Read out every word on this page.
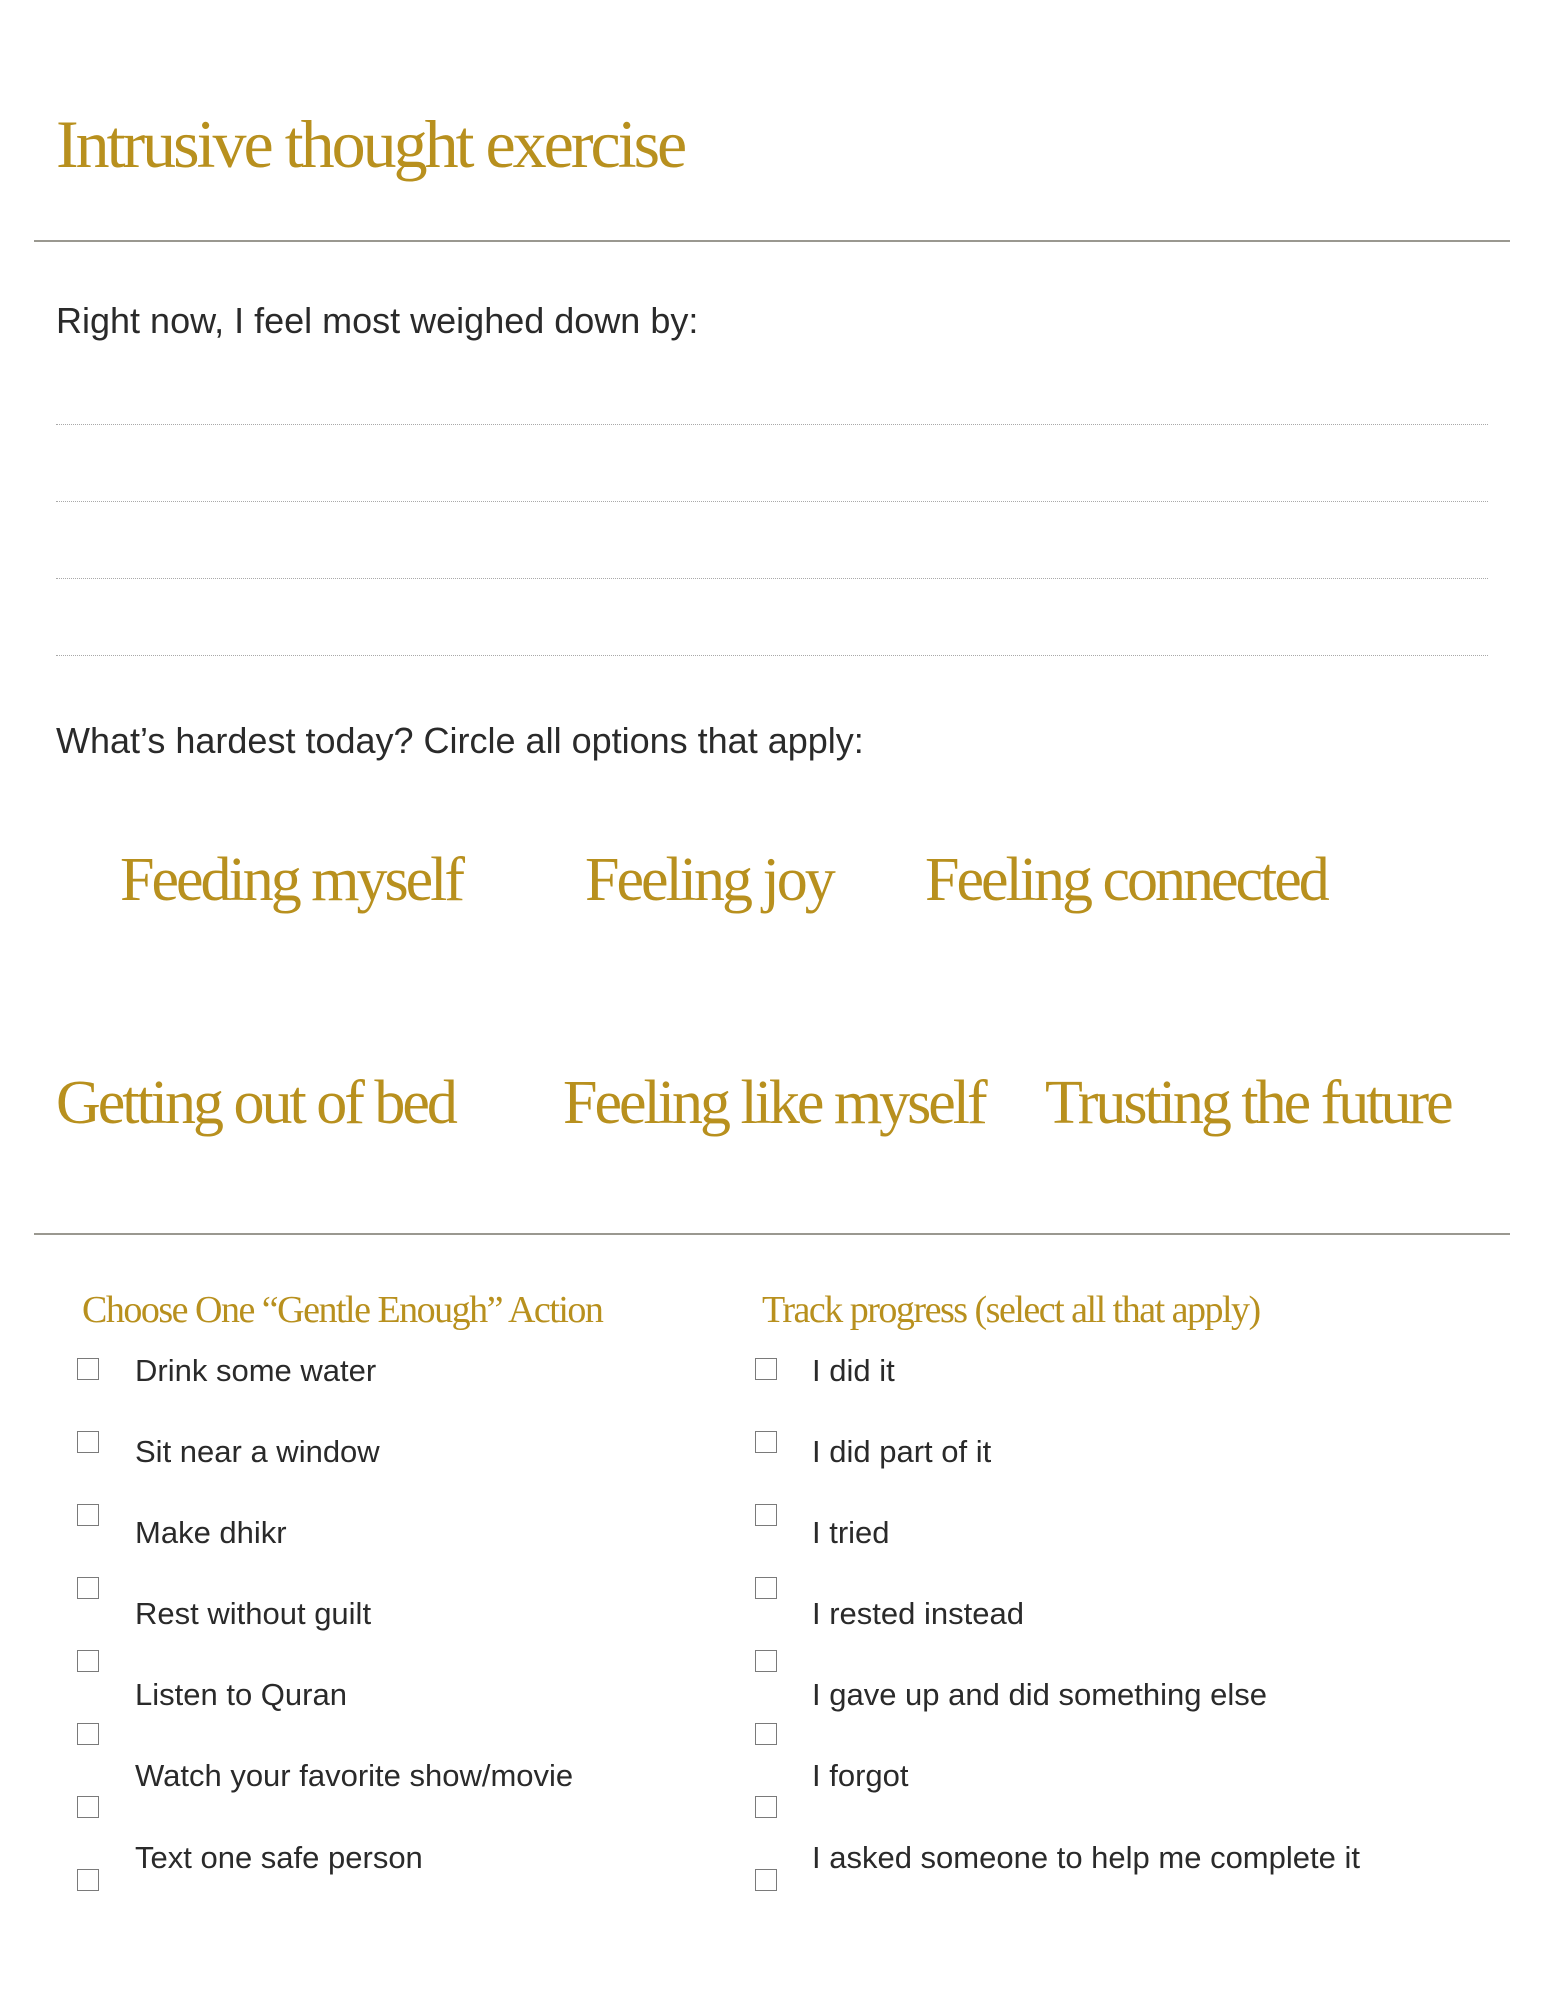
Intrusive thought exercise
Right now, I feel most weighed down by:
What’s hardest today? Circle all options that apply:
Feeding myself Feeling joy Feeling connected
Getting out of bed Feeling like myself Trusting the future
Choose One “Gentle Enough” Action	Track progress (select all that apply)
Drink some water
Sit near a window
Make dhikr
Rest without guilt
Listen to Quran
Watch your favorite show/movie
Text one safe person
I did it
I did part of it
I tried
I rested instead
I gave up and did something else
I forgot
I asked someone to help me complete it
